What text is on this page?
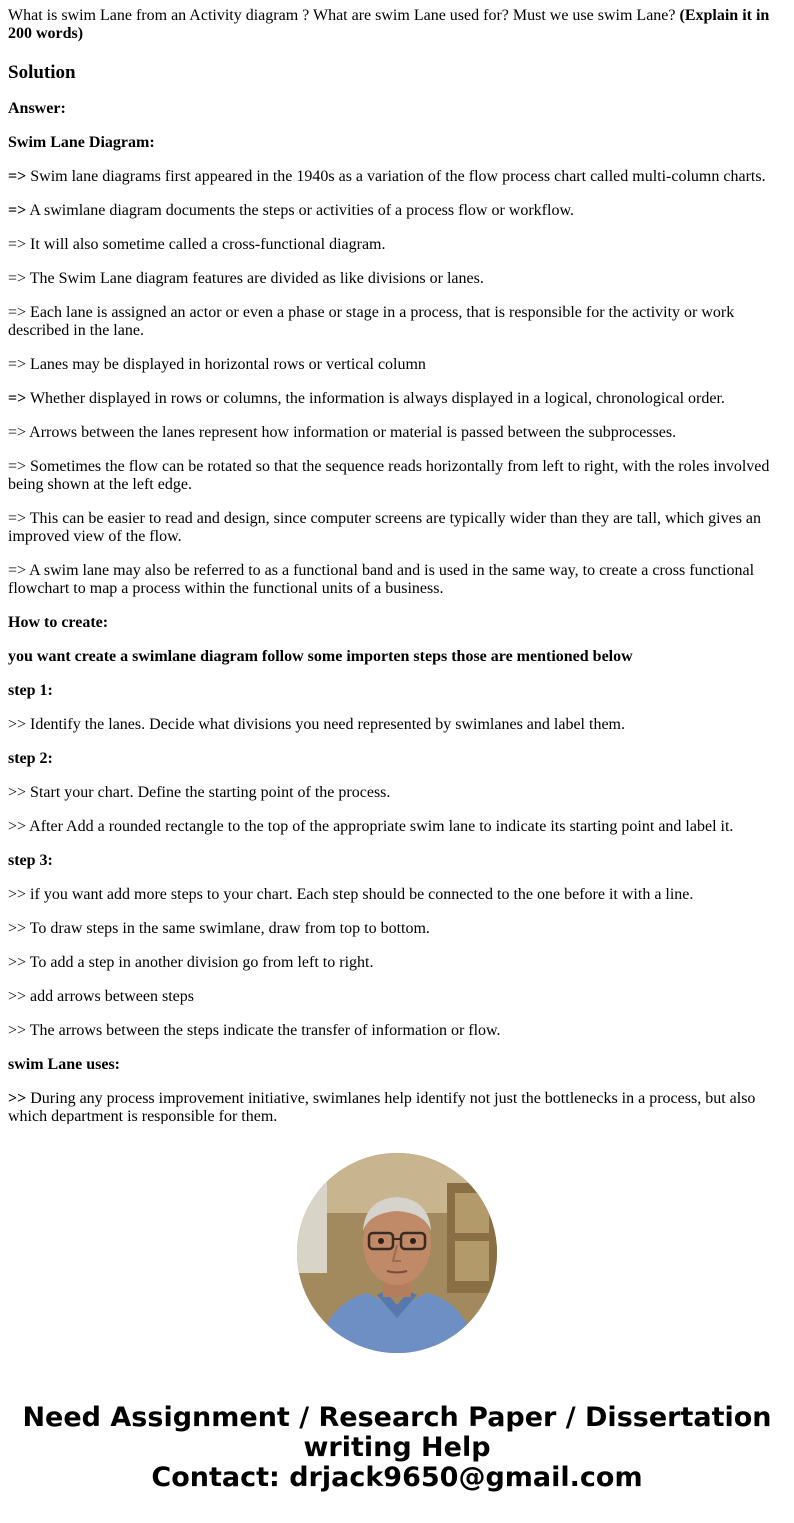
What is swim Lane from an Activity diagram ? What are swim Lane used for? Must we use swim Lane? (Explain it in 200 words)

Solution

Answer:

Swim Lane Diagram:

=> Swim lane diagrams first appeared in the 1940s as a variation of the flow process chart called multi-column charts.

=> A swimlane diagram documents the steps or activities of a process flow or workflow.

=> It will also sometime called a cross-functional diagram.

=> The Swim Lane diagram features are divided as like divisions or lanes.

=> Each lane is assigned an actor or even a phase or stage in a process, that is responsible for the activity or work described in the lane.

=> Lanes may be displayed in horizontal rows or vertical column

=> Whether displayed in rows or columns, the information is always displayed in a logical, chronological order.

=> Arrows between the lanes represent how information or material is passed between the subprocesses.

=> Sometimes the flow can be rotated so that the sequence reads horizontally from left to right, with the roles involved being shown at the left edge.

=> This can be easier to read and design, since computer screens are typically wider than they are tall, which gives an improved view of the flow.

=> A swim lane may also be referred to as a functional band and is used in the same way, to create a cross functional flowchart to map a process within the functional units of a business.

How to create:

you want create a swimlane diagram follow some importen steps those are mentioned below

step 1:

>> Identify the lanes. Decide what divisions you need represented by swimlanes and label them.

step 2:

>> Start your chart. Define the starting point of the process.

>> After Add a rounded rectangle to the top of the appropriate swim lane to indicate its starting point and label it.

step 3:

>> if you want add more steps to your chart. Each step should be connected to the one before it with a line.

>> To draw steps in the same swimlane, draw from top to bottom.

>> To add a step in another division go from left to right.

>> add arrows between steps

>> The arrows between the steps indicate the transfer of information or flow.

swim Lane uses:

>> During any process improvement initiative, swimlanes help identify not just the bottlenecks in a process, but also which department is responsible for them.

Need Assignment / Research Paper / Dissertation
writing Help
Contact: drjack9650@gmail.com
